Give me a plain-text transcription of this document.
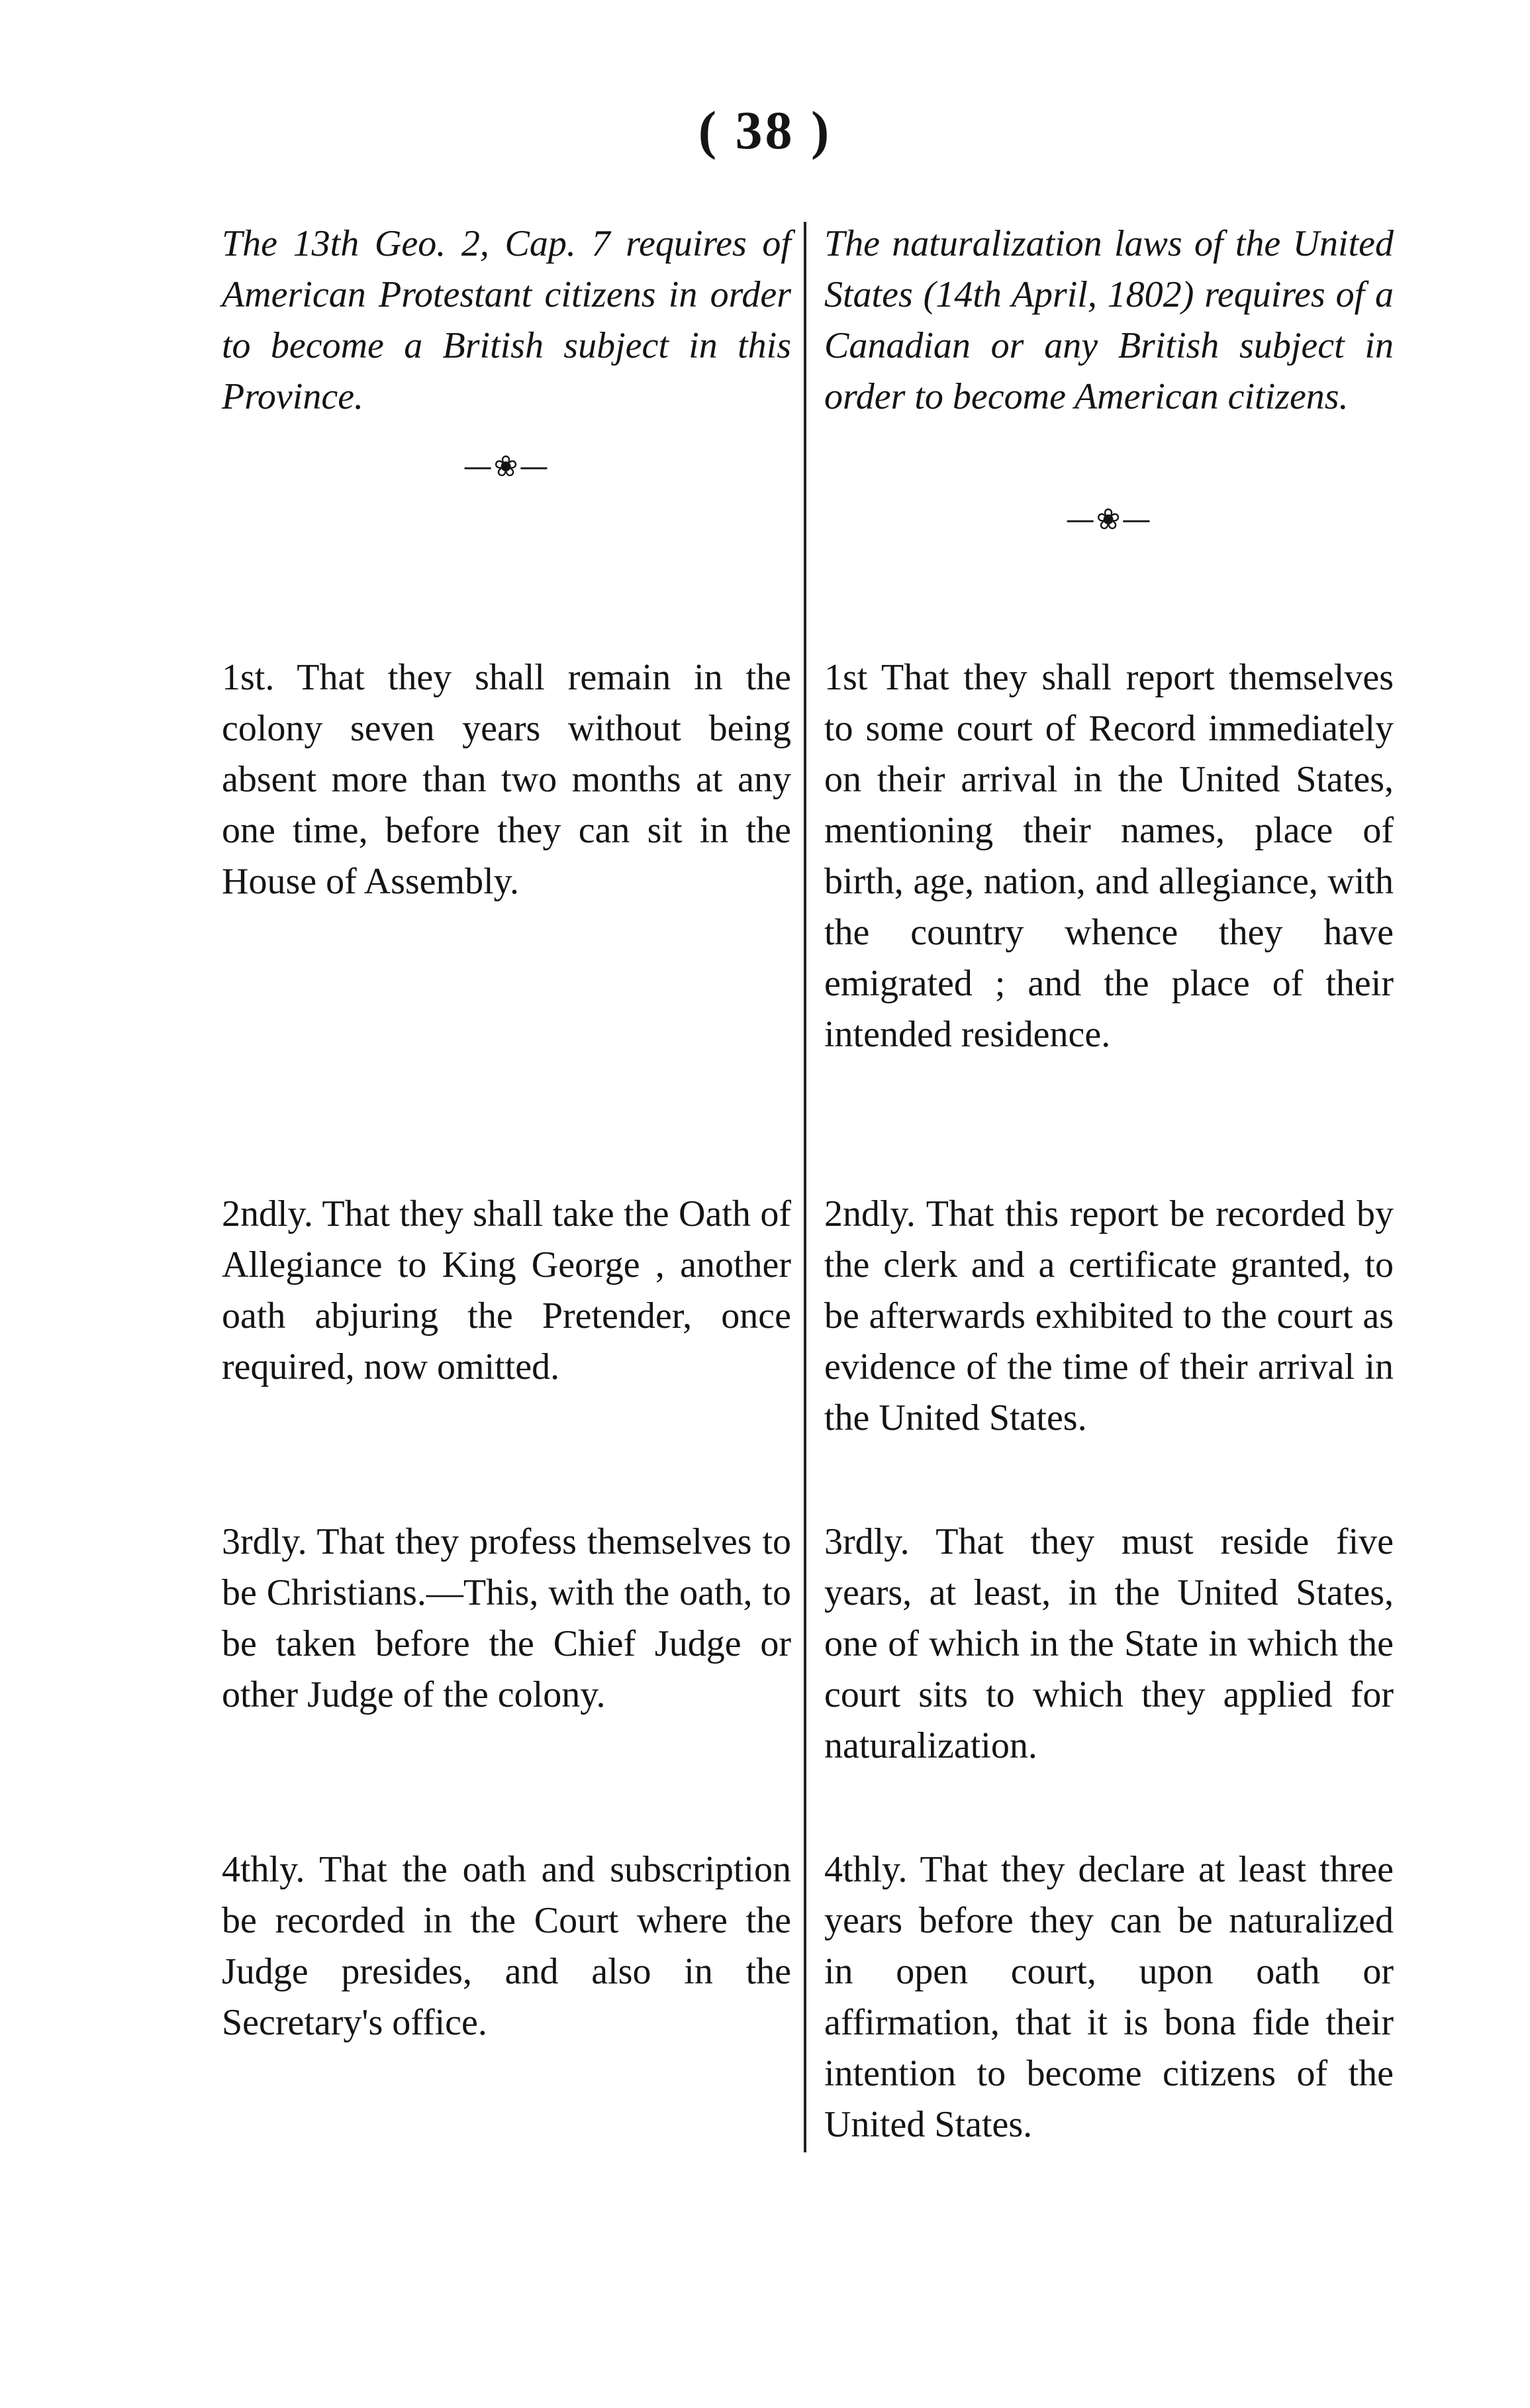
( 38 )

The 13th Geo. 2, Cap. 7 requires of American Protestant citizens in order to become a British subject in this Province.

—❀—

1st. That they shall remain in the colony seven years without being absent more than two months at any one time, before they can sit in the House of Assembly.

2ndly. That they shall take the Oath of Allegiance to King George , another oath abjuring the Pretender, once required, now omitted.

3rdly. That they profess themselves to be Christians.—This, with the oath, to be taken before the Chief Judge or other Judge of the colony.

4thly. That the oath and subscription be recorded in the Court where the Judge presides, and also in the Secretary's office.

The naturalization laws of the United States (14th April, 1802) requires of a Canadian or any British subject in order to become American citizens.

—❀—

1st That they shall report themselves to some court of Record immediately on their arrival in the United States, mentioning their names, place of birth, age, nation, and allegiance, with the country whence they have emigrated ; and the place of their intended residence.

2ndly. That this report be recorded by the clerk and a certificate granted, to be afterwards exhibited to the court as evidence of the time of their arrival in the United States.

3rdly. That they must reside five years, at least, in the United States, one of which in the State in which the court sits to which they applied for naturalization.

4thly. That they declare at least three years before they can be naturalized in open court, upon oath or affirmation, that it is bona fide their intention to become citizens of the United States.
